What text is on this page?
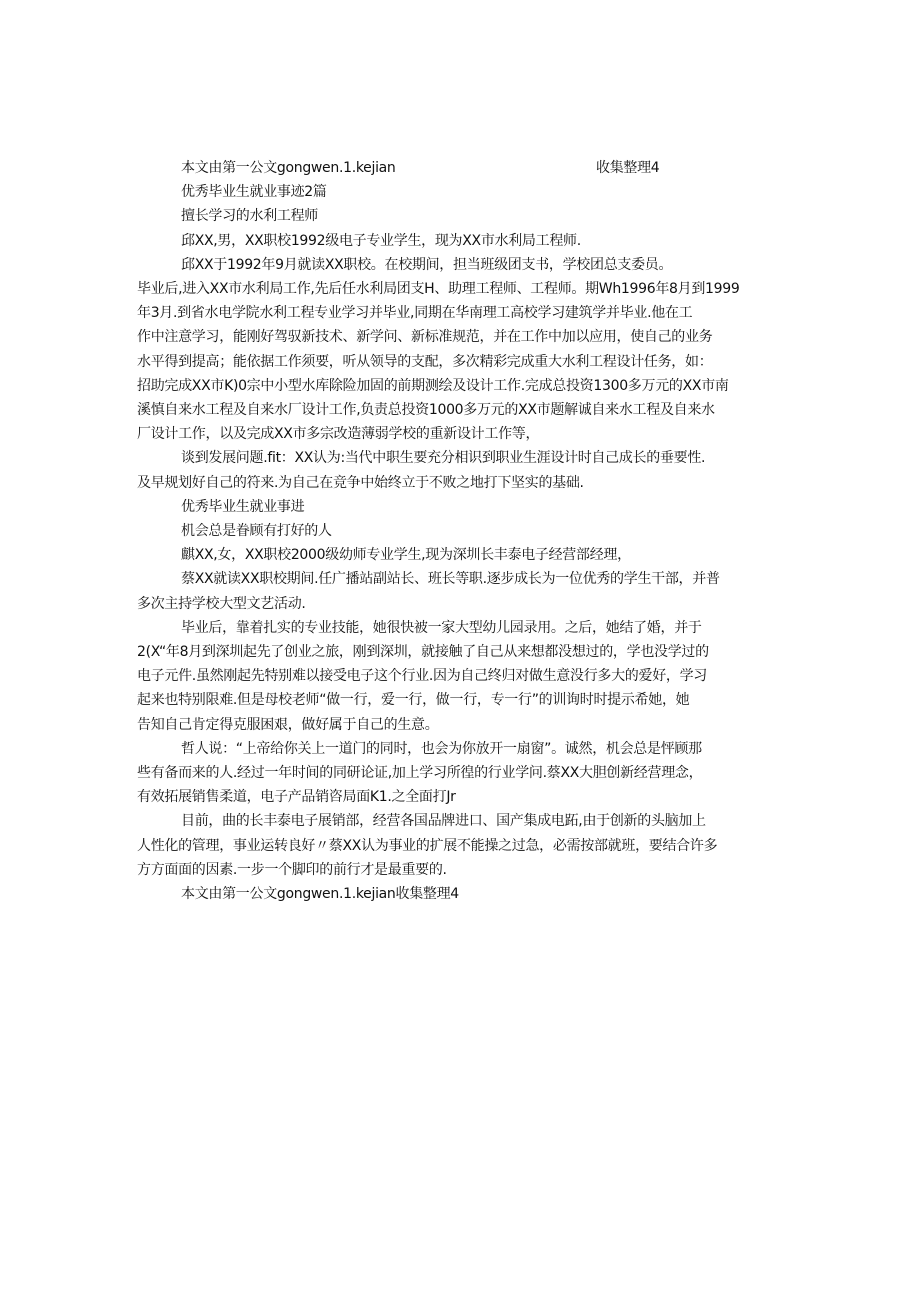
本文由第一公文gongwen.1.kejian	收集整理4
优秀毕业生就业事迹2篇
擅长学习的水利工程师
邱XX,男，XX职校1992级电子专业学生，现为XX市水利局工程师.
邱XX于1992年9月就读XX职校。在校期间，担当班级团支书，学校团总支委员。
毕业后,进入XX市水利局工作,先后任水利局团支H、助理工程师、工程师。期Wh1996年8月到1999
年3月.到省水电学院水利工程专业学习并毕业,同期在华南理工高校学习建筑学并毕业.他在工
作中注意学习，能刚好驾驭新技术、新学问、新标准规范，并在工作中加以应用，使自己的业务
水平得到提高；能依据工作须要，听从领导的支配，多次精彩完成重大水利工程设计任务，如：
招助完成XX市K)0宗中小型水库除险加固的前期测绘及设计工作.完成总投资1300多万元的XX市南
溪慎自来水工程及自来水厂设计工作,负责总投资1000多万元的XX市题解诚自来水工程及自来水
厂设计工作，以及完成XX市多宗改造薄弱学校的重新设计工作等，
谈到发展问题.fit：XX认为:当代中职生要充分相识到职业生涯设计时自己成长的垂要性.
及早规划好自己的符来.为自己在竞争中始终立于不败之地打下坚实的基础.
优秀毕业生就业事进
机会总是眷顾有打好的人
麒XX,女，XX职校2000级幼师专业学生,现为深圳长丰泰电子经营部经理，
蔡XX就读XX职校期间.任广播站副站长、班长等职.逐步成长为一位优秀的学生干部，并普
多次主持学校大型文艺活动.
毕业后，靠着扎实的专业技能，她很快被一家大型幼儿园录用。之后，她结了婚，并于
2(X“年8月到深圳起先了创业之旅，刚到深圳，就接触了自己从来想都没想过的，学也没学过的
电子元件.虽然刚起先特别难以接受电子这个行业.因为自己终归对做生意没行多大的爱好，学习
起来也特别限难.但是母校老师“做一行，爱一行，做一行，专一行”的训询时时提示希她，她
告知自己肯定得克服困艰，做好属于自己的生意。
哲人说：“上帝给你关上一道门的同时，也会为你放开一扇窗”。诚然，机会总是怦顾那
些有备而来的人.经过一年时间的同研论证,加上学习所徨的行业学问.蔡XX大胆创新经营理念，
有效拓展销售柔道，电子产品销咨局面K1.之全面打Jr
目前，曲的长丰泰电子展销部，经营各国品牌进口、国产集成电跖,由于创新的头脑加上
人性化的管理，事业运转良好〃蔡XX认为事业的扩展不能操之过急，必需按部就班，要结合许多
方方面面的因素.一步一个脚印的前行才是最重要的.
本文由第一公文gongwen.1.kejian收集整理4
